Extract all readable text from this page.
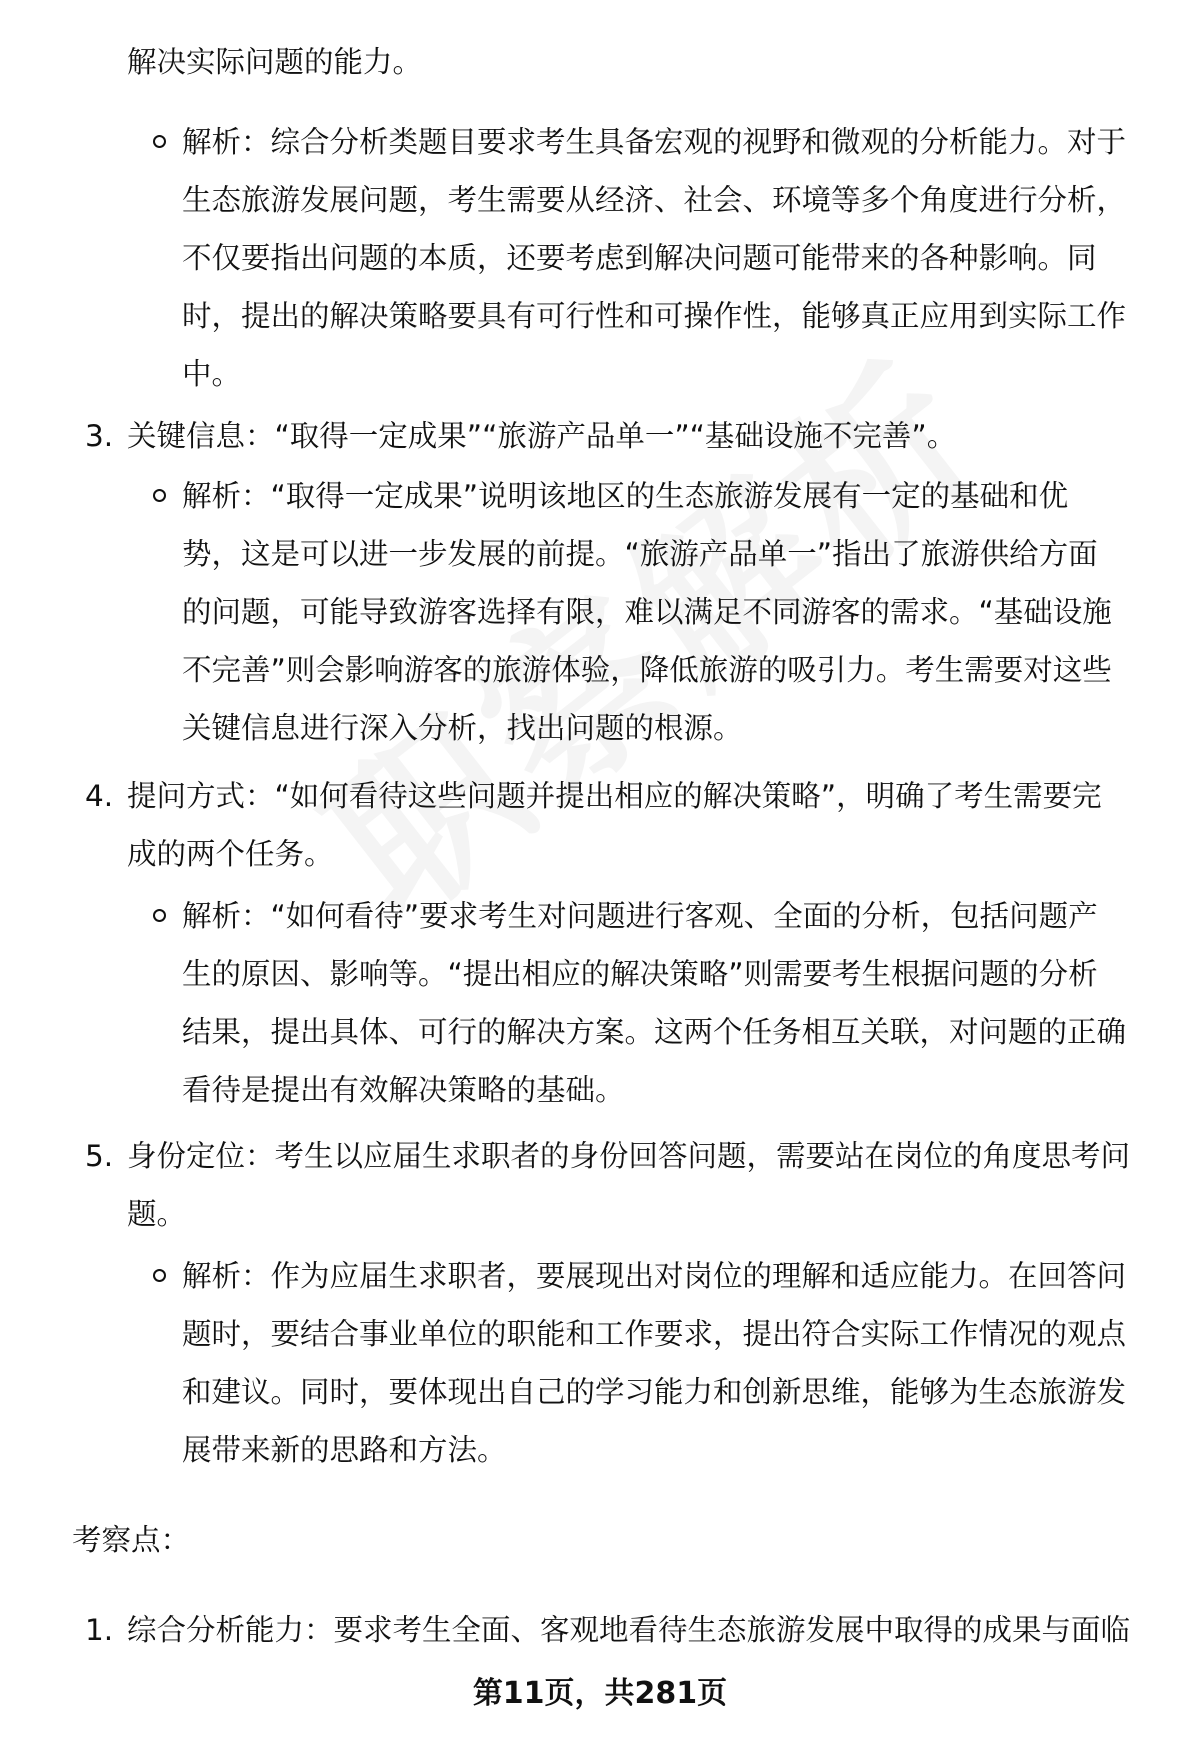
解决实际问题的能力。
解析：综合分析类题目要求考生具备宏观的视野和微观的分析能力。对于
生态旅游发展问题，考生需要从经济、社会、环境等多个角度进行分析，
不仅要指出问题的本质，还要考虑到解决问题可能带来的各种影响。同
时，提出的解决策略要具有可行性和可操作性，能够真正应用到实际工作
中。
3. 关键信息：“取得一定成果”“旅游产品单一”“基础设施不完善”。
解析：“取得一定成果”说明该地区的生态旅游发展有一定的基础和优
势，这是可以进一步发展的前提。“旅游产品单一”指出了旅游供给方面
的问题，可能导致游客选择有限，难以满足不同游客的需求。“基础设施
不完善”则会影响游客的旅游体验，降低旅游的吸引力。考生需要对这些
关键信息进行深入分析，找出问题的根源。
4. 提问方式：“如何看待这些问题并提出相应的解决策略”，明确了考生需要完
成的两个任务。
解析：“如何看待”要求考生对问题进行客观、全面的分析，包括问题产
生的原因、影响等。“提出相应的解决策略”则需要考生根据问题的分析
结果，提出具体、可行的解决方案。这两个任务相互关联，对问题的正确
看待是提出有效解决策略的基础。
5. 身份定位：考生以应届生求职者的身份回答问题，需要站在岗位的角度思考问
题。
解析：作为应届生求职者，要展现出对岗位的理解和适应能力。在回答问
题时，要结合事业单位的职能和工作要求，提出符合实际工作情况的观点
和建议。同时，要体现出自己的学习能力和创新思维，能够为生态旅游发
展带来新的思路和方法。
考察点：
1. 综合分析能力：要求考生全面、客观地看待生态旅游发展中取得的成果与面临
第11页，共281页
